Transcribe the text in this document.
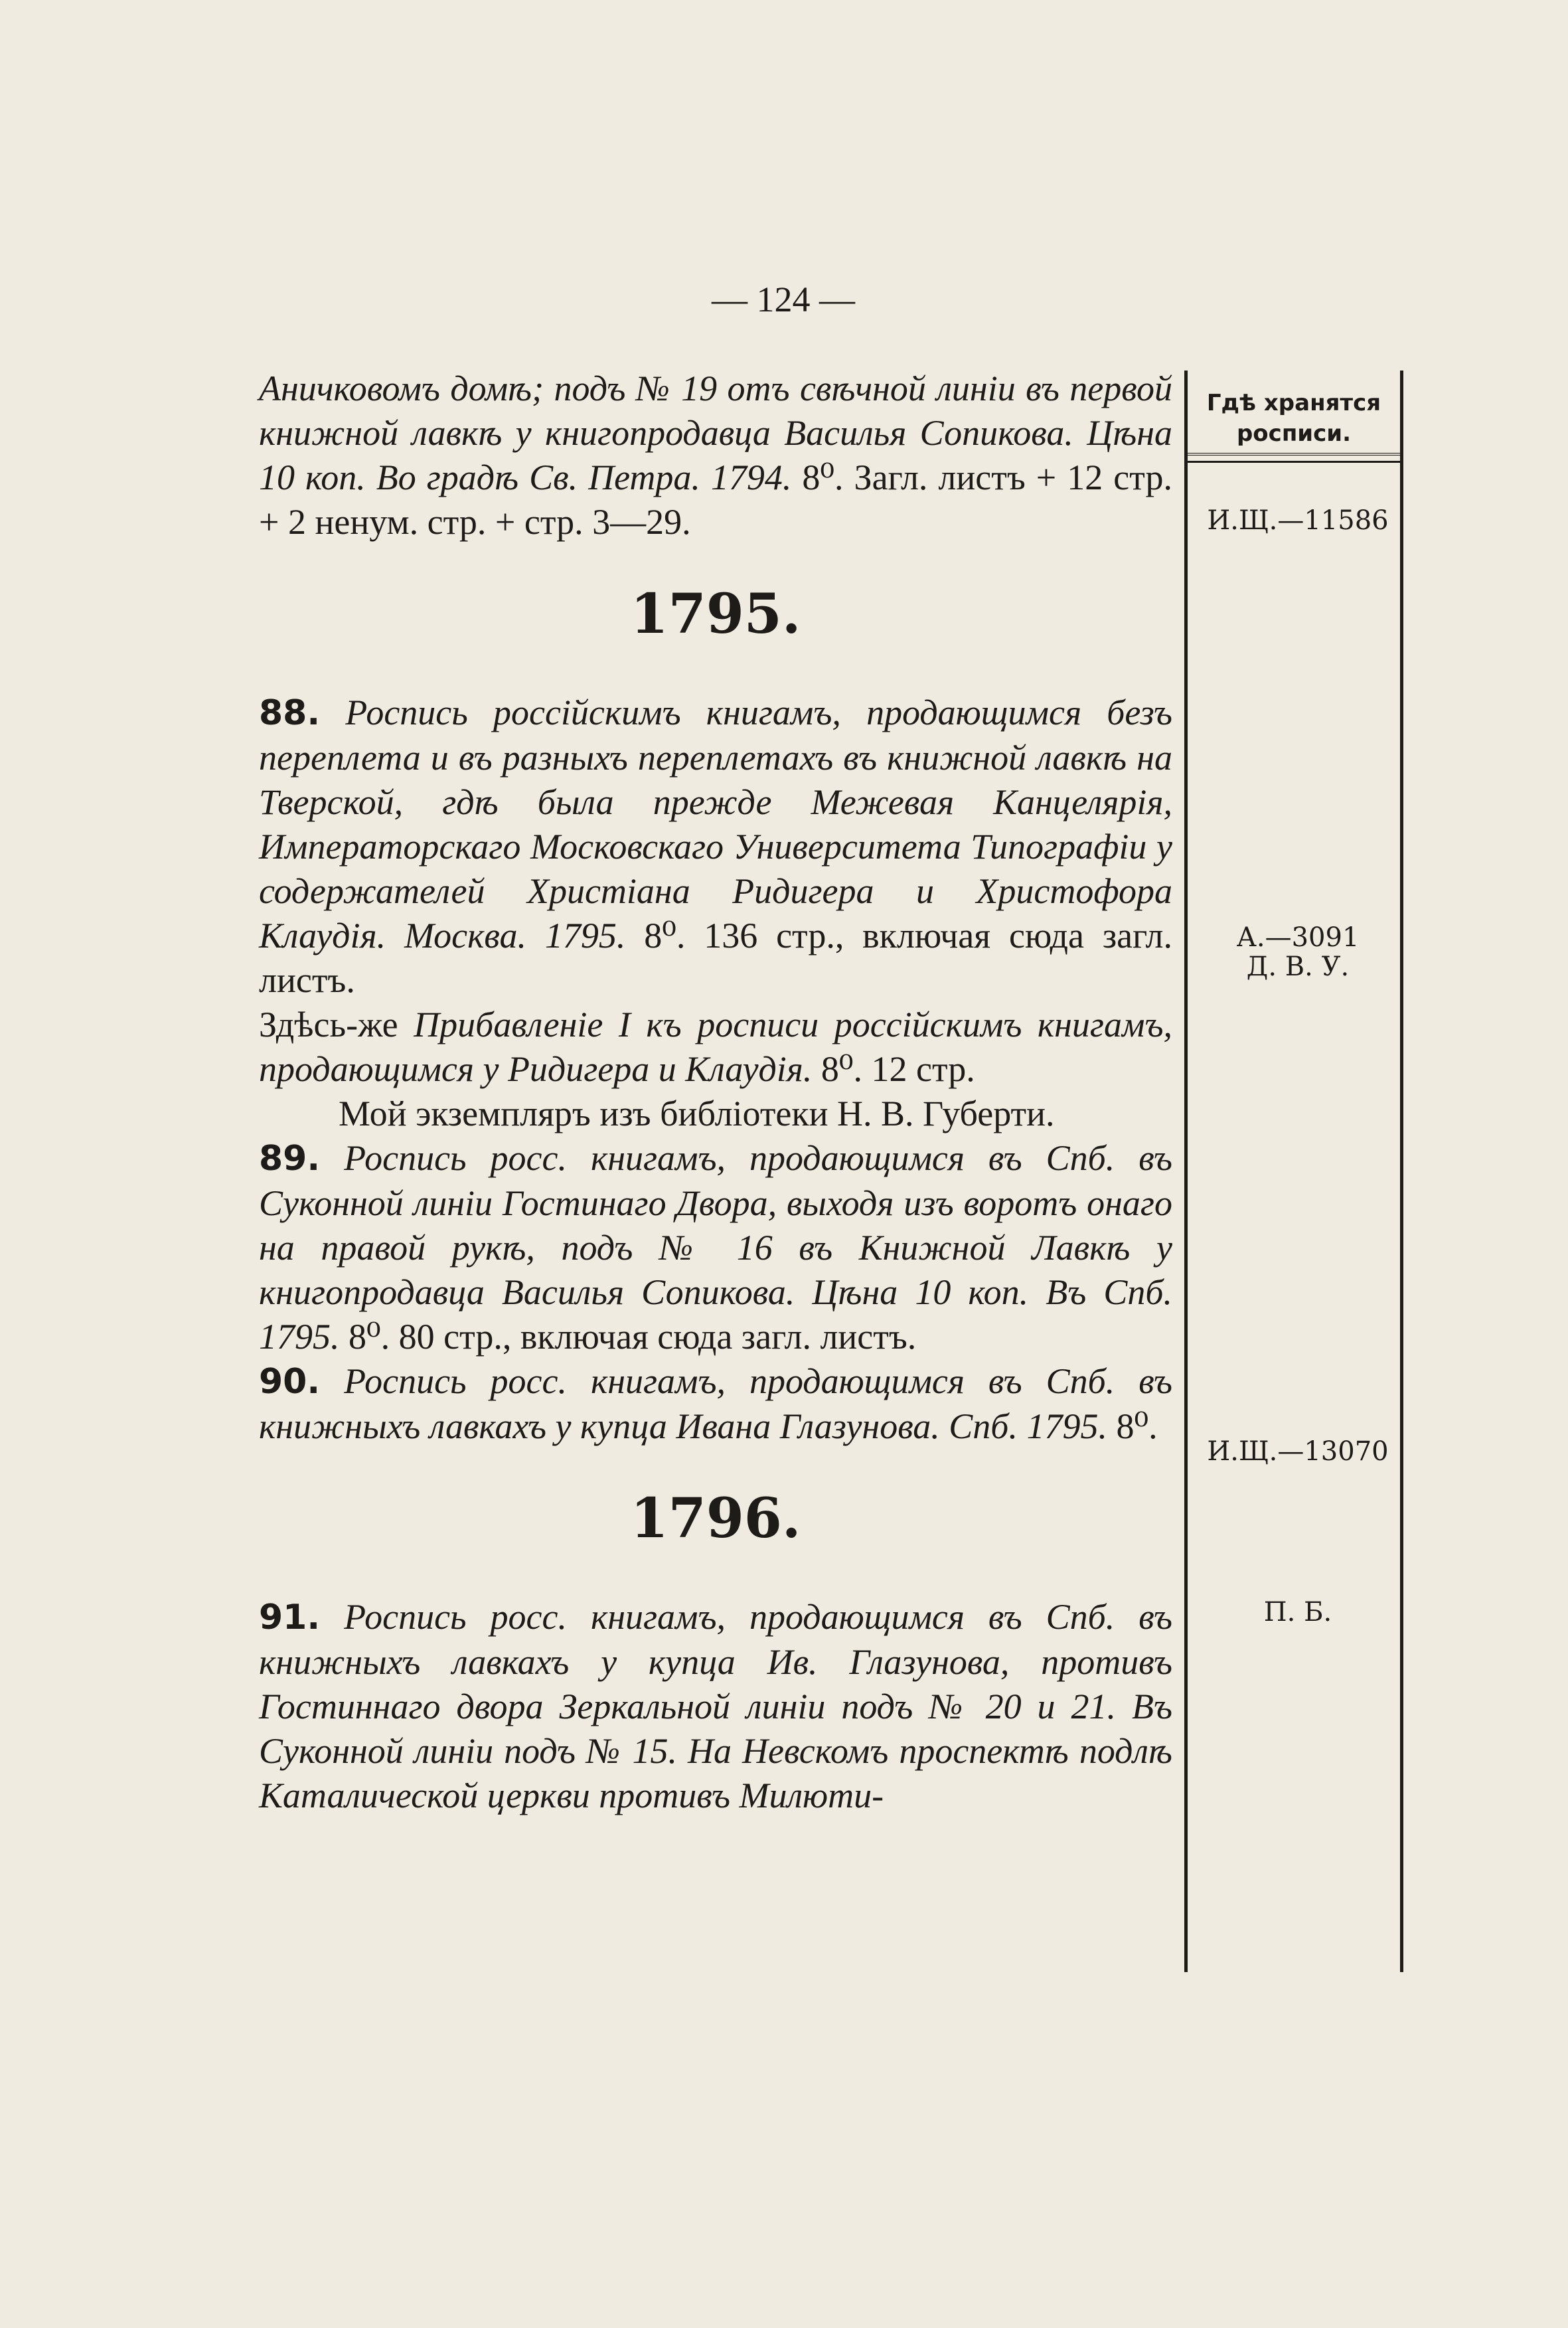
— 124 —
Гдѣ хранятся росписи.
И.Щ.—11586
А.—3091
Д. В. У.
И.Щ.—13070
П. Б.

Аничковомъ домѣ; подъ № 19 отъ свѣчной линiи въ первой книжной лавкѣ у книгопродавца Василья Сопикова. Цѣна 10 коп. Во градѣ Св. Петра. 1794. 8⁰. Загл. листъ + 12 стр. + 2 ненум. стр. + стр. 3—29.

1795.

88. Роспись россiйскимъ книгамъ, продающимся безъ переплета и въ разныхъ переплетахъ въ книжной лавкѣ на Тверской, гдѣ была прежде Межевая Канцелярiя, Императорскаго Московскаго Университета Типографiи у содержателей Христiана Ридигера и Христофора Клаудiя. Москва. 1795. 8⁰. 136 стр., включая сюда загл. листъ.

Здѣсь-же Прибавленiе I къ росписи россiйскимъ книгамъ, продающимся у Ридигера и Клаудiя. 8⁰. 12 стр.

Мой экземпляръ изъ библiотеки Н. В. Губерти.

89. Роспись росс. книгамъ, продающимся въ Спб. въ Суконной линiи Гостинаго Двора, выходя изъ воротъ онаго на правой рукѣ, подъ № 16 въ Книжной Лавкѣ у книгопродавца Василья Сопикова. Цѣна 10 коп. Въ Спб. 1795. 8⁰. 80 стр., включая сюда загл. листъ.

90. Роспись росс. книгамъ, продающимся въ Спб. въ книжныхъ лавкахъ у купца Ивана Глазунова. Спб. 1795. 8⁰.

1796.

91. Роспись росс. книгамъ, продающимся въ Спб. въ книжныхъ лавкахъ у купца Ив. Глазунова, противъ Гостиннаго двора Зеркальной линiи подъ № 20 и 21. Въ Суконной линiи подъ № 15. На Невскомъ проспектѣ подлѣ Каталической церкви противъ Милюти-
